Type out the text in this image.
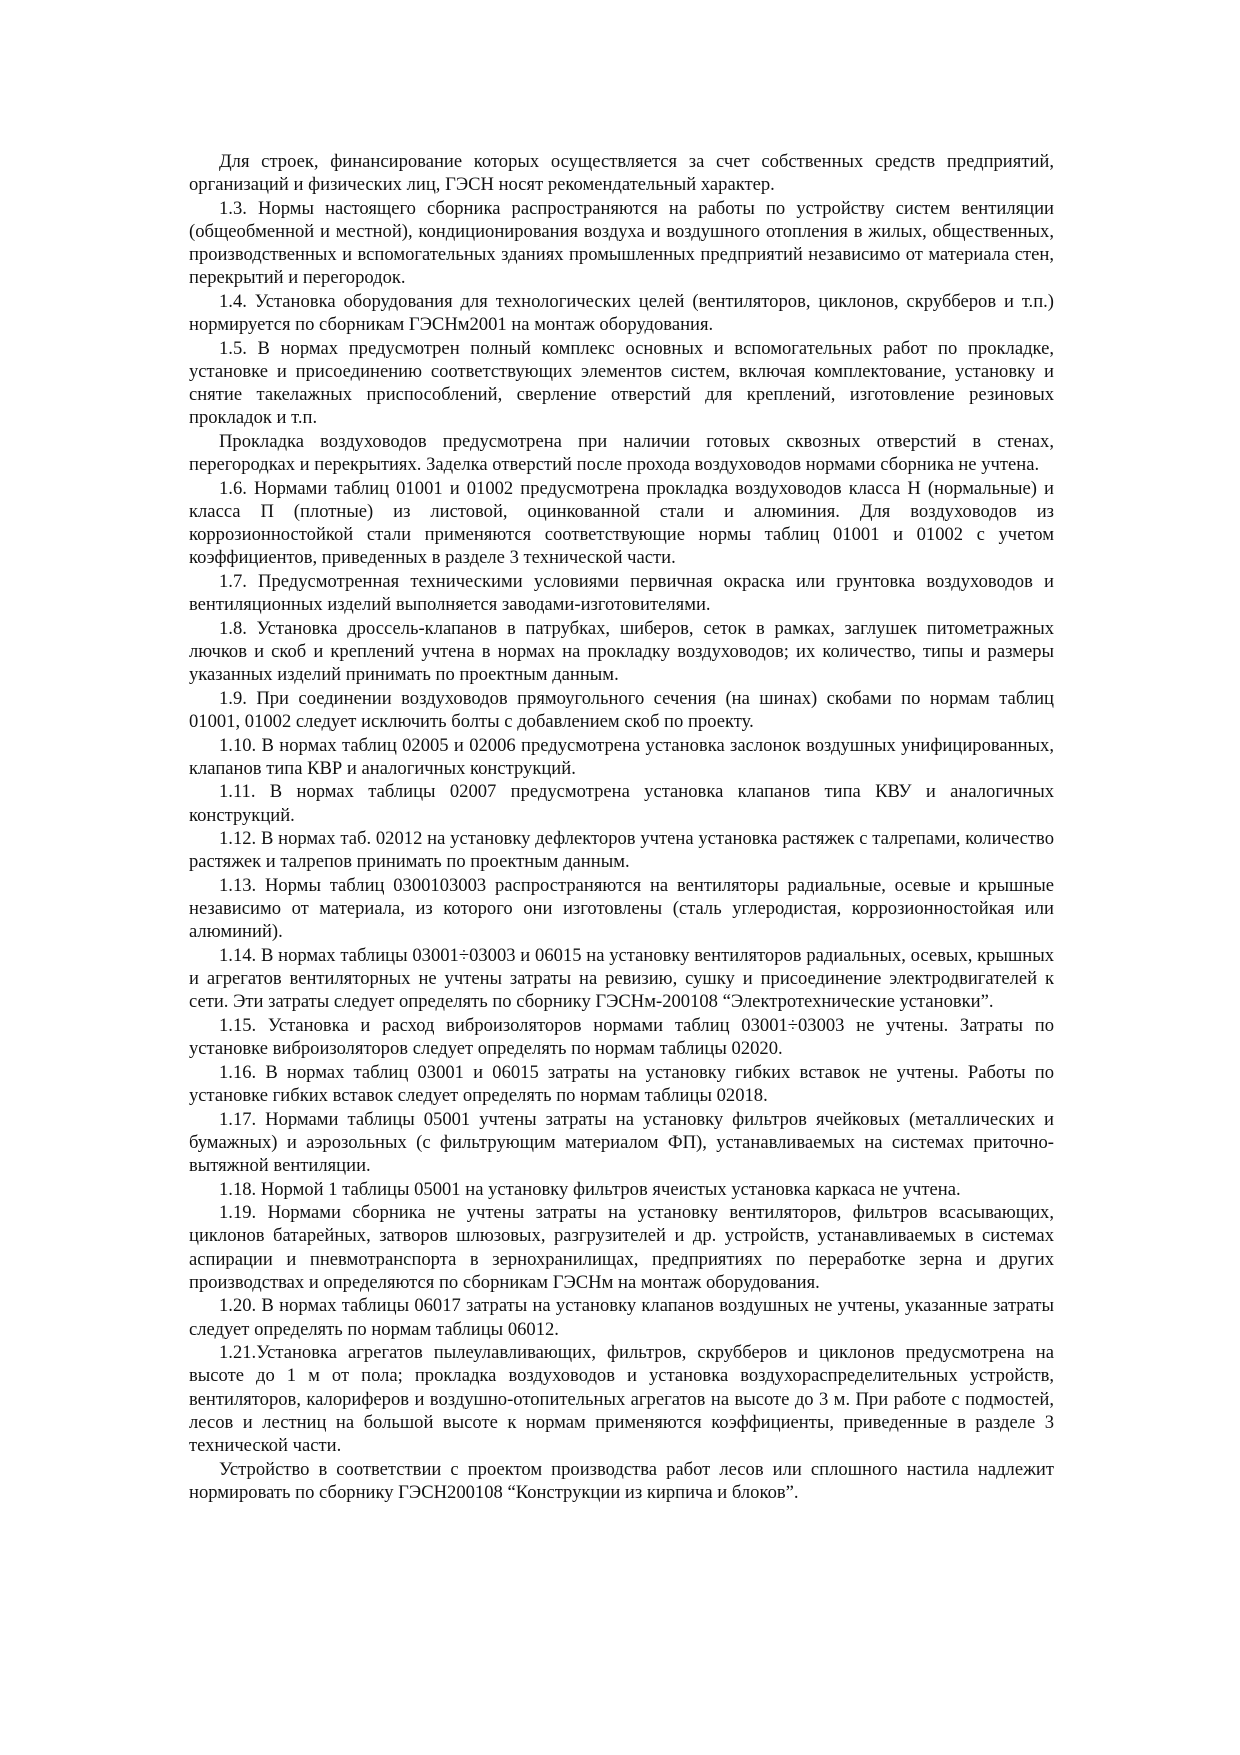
Для строек, финансирование которых осуществляется за счет собственных средств предприятий, организаций и физических лиц, ГЭСН носят рекомендательный характер.

1.3. Нормы настоящего сборника распространяются на работы по устройству систем вентиляции (общеобменной и местной), кондиционирования воздуха и воздушного отопления в жилых, общественных, производственных и вспомогательных зданиях промышленных предприятий независимо от материала стен, перекрытий и перегородок.

1.4. Установка оборудования для технологических целей (вентиляторов, циклонов, скрубберов и т.п.) нормируется по сборникам ГЭСНм2001 на монтаж оборудования.

1.5. В нормах предусмотрен полный комплекс основных и вспомогательных работ по прокладке, установке и присоединению соответствующих элементов систем, включая комплектование, установку и снятие такелажных приспособлений, сверление отверстий для креплений, изготовление резиновых прокладок и т.п.

Прокладка воздуховодов предусмотрена при наличии готовых сквозных отверстий в стенах, перегородках и перекрытиях. Заделка отверстий после прохода воздуховодов нормами сборника не учтена.

1.6. Нормами таблиц 01001 и 01002 предусмотрена прокладка воздуховодов класса Н (нормальные) и класса П (плотные) из листовой, оцинкованной стали и алюминия. Для воздуховодов из коррозионностойкой стали применяются соответствующие нормы таблиц 01001 и 01002 с учетом коэффициентов, приведенных в разделе 3 технической части.

1.7. Предусмотренная техническими условиями первичная окраска или грунтовка воздуховодов и вентиляционных изделий выполняется заводами-изготовителями.

1.8. Установка дроссель-клапанов в патрубках, шиберов, сеток в рамках, заглушек питометражных лючков и скоб и креплений учтена в нормах на прокладку воздуховодов; их количество, типы и размеры указанных изделий принимать по проектным данным.

1.9. При соединении воздуховодов прямоугольного сечения (на шинах) скобами по нормам таблиц 01001, 01002 следует исключить болты с добавлением скоб по проекту.

1.10. В нормах таблиц 02005 и 02006 предусмотрена установка заслонок воздушных унифицированных, клапанов типа КВР и аналогичных конструкций.

1.11. В нормах таблицы 02007 предусмотрена установка клапанов типа КВУ и аналогичных конструкций.

1.12. В нормах таб. 02012 на установку дефлекторов учтена установка растяжек с талрепами, количество растяжек и талрепов принимать по проектным данным.

1.13. Нормы таблиц 0300103003 распространяются на вентиляторы радиальные, осевые и крышные независимо от материала, из которого они изготовлены (сталь углеродистая, коррозионностойкая или алюминий).

1.14. В нормах таблицы 03001÷03003 и 06015 на установку вентиляторов радиальных, осевых, крышных и агрегатов вентиляторных не учтены затраты на ревизию, сушку и присоединение электродвигателей к сети. Эти затраты следует определять по сборнику ГЭСНм-200108 “Электротехнические установки”.

1.15. Установка и расход виброизоляторов нормами таблиц 03001÷03003 не учтены. Затраты по установке виброизоляторов следует определять по нормам таблицы 02020.

1.16. В нормах таблиц 03001 и 06015 затраты на установку гибких вставок не учтены. Работы по установке гибких вставок следует определять по нормам таблицы 02018.

1.17. Нормами таблицы 05001 учтены затраты на установку фильтров ячейковых (металлических и бумажных) и аэрозольных (с фильтрующим материалом ФП), устанавливаемых на системах приточно-вытяжной вентиляции.

1.18. Нормой 1 таблицы 05001 на установку фильтров ячеистых установка каркаса не учтена.

1.19. Нормами сборника не учтены затраты на установку вентиляторов, фильтров всасывающих, циклонов батарейных, затворов шлюзовых, разгрузителей и др. устройств, устанавливаемых в системах аспирации и пневмотранспорта в зернохранилищах, предприятиях по переработке зерна и других производствах и определяются по сборникам ГЭСНм на монтаж оборудования.

1.20. В нормах таблицы 06017 затраты на установку клапанов воздушных не учтены, указанные затраты следует определять по нормам таблицы 06012.

1.21.Установка агрегатов пылеулавливающих, фильтров, скрубберов и циклонов предусмотрена на высоте до 1 м от пола; прокладка воздуховодов и установка воздухораспределительных устройств, вентиляторов, калориферов и воздушно-отопительных агрегатов на высоте до 3 м. При работе с подмостей, лесов и лестниц на большой высоте к нормам применяются коэффициенты, приведенные в разделе 3 технической части.

Устройство в соответствии с проектом производства работ лесов или сплошного настила надлежит нормировать по сборнику ГЭСН200108 “Конструкции из кирпича и блоков”.
